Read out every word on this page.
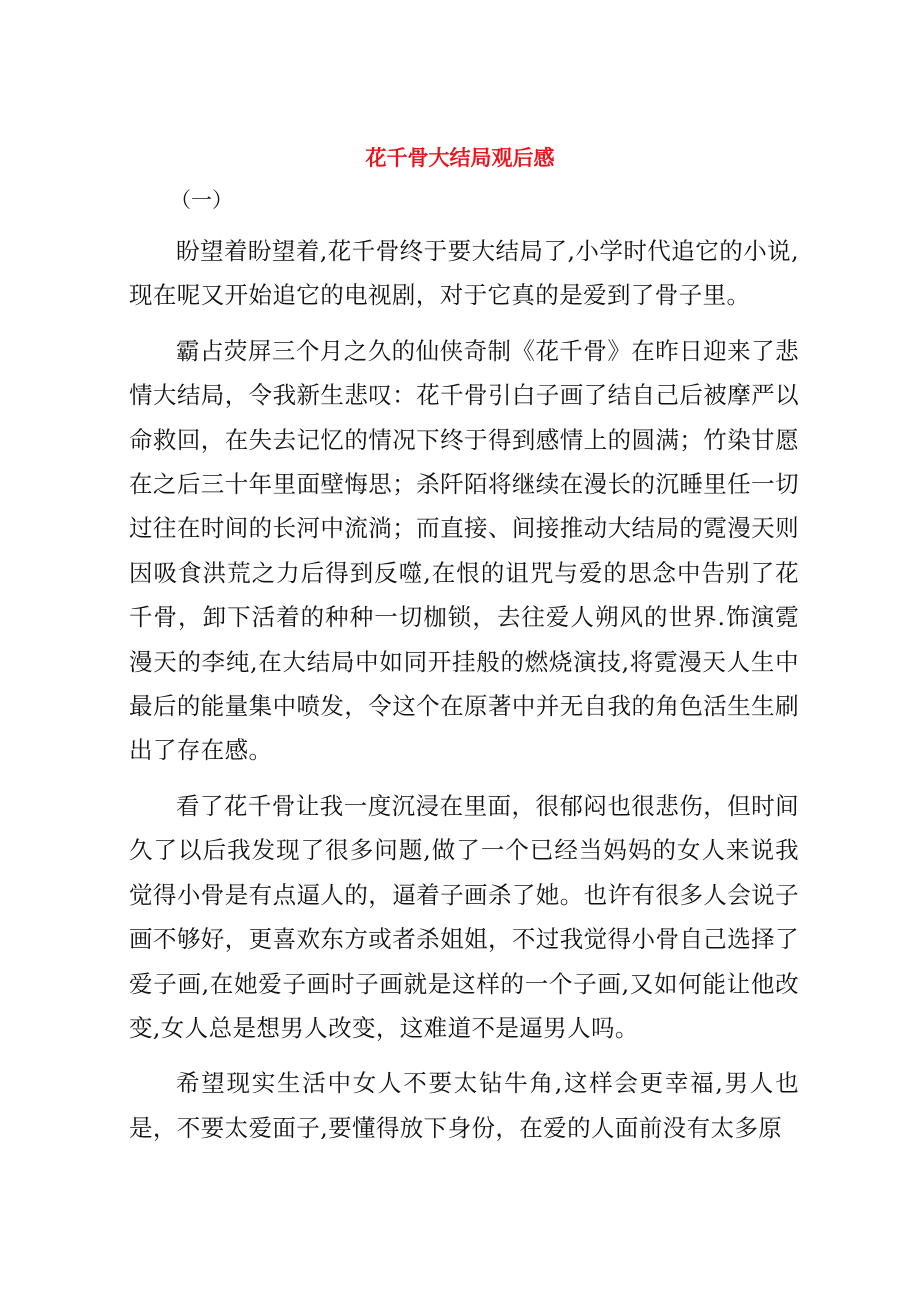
花千骨大结局观后感
（一）

盼望着盼望着,花千骨终于要大结局了,小学时代追它的小说,现在呢又开始追它的电视剧，对于它真的是爱到了骨子里。

霸占荧屏三个月之久的仙侠奇制《花千骨》在昨日迎来了悲情大结局，令我新生悲叹：花千骨引白子画了结自己后被摩严以命救回，在失去记忆的情况下终于得到感情上的圆满；竹染甘愿在之后三十年里面壁悔思；杀阡陌将继续在漫长的沉睡里任一切过往在时间的长河中流淌；而直接、间接推动大结局的霓漫天则因吸食洪荒之力后得到反噬,在恨的诅咒与爱的思念中告别了花千骨，卸下活着的种种一切枷锁，去往爱人朔风的世界.饰演霓漫天的李纯,在大结局中如同开挂般的燃烧演技,将霓漫天人生中最后的能量集中喷发，令这个在原著中并无自我的角色活生生刷出了存在感。

看了花千骨让我一度沉浸在里面，很郁闷也很悲伤，但时间久了以后我发现了很多问题,做了一个已经当妈妈的女人来说我觉得小骨是有点逼人的，逼着子画杀了她。也许有很多人会说子画不够好，更喜欢东方或者杀姐姐，不过我觉得小骨自己选择了爱子画,在她爱子画时子画就是这样的一个子画,又如何能让他改变,女人总是想男人改变，这难道不是逼男人吗。

希望现实生活中女人不要太钻牛角,这样会更幸福,男人也是，不要太爱面子,要懂得放下身份，在爱的人面前没有太多原
